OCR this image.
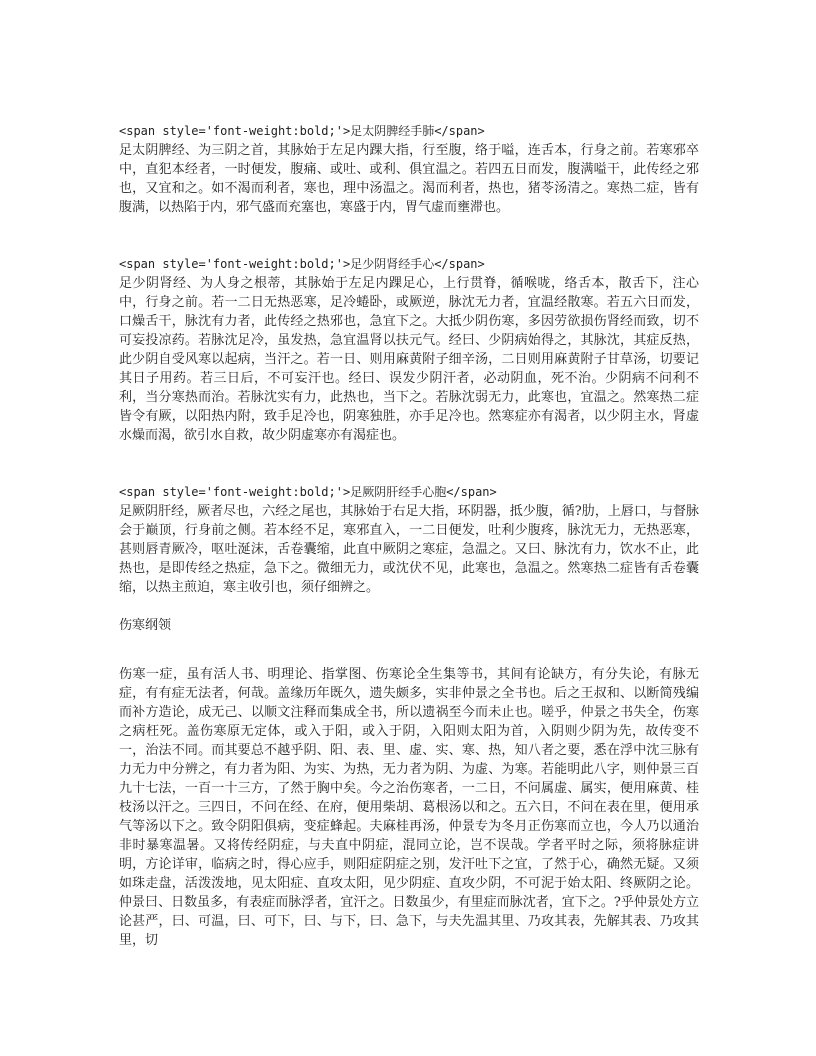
<span style='font-weight:bold;'>足太阴脾经手肺</span>

足太阴脾经、为三阴之首，其脉始于左足内踝大指，行至腹，络于嗌，连舌本，行身之前。若寒邪卒中，直犯本经者，一时便发，腹痛、或吐、或利、俱宜温之。若四五日而发，腹满嗌干，此传经之邪也，又宜和之。如不渴而利者，寒也，理中汤温之。渴而利者，热也，猪苓汤清之。寒热二症，皆有腹满，以热陷于内，邪气盛而充塞也，寒盛于内，胃气虚而壅滞也。

<span style='font-weight:bold;'>足少阴肾经手心</span>

足少阴肾经、为人身之根蒂，其脉始于左足内踝足心，上行贯脊，循喉咙，络舌本，散舌下，注心中，行身之前。若一二日无热恶寒，足冷蜷卧，或厥逆，脉沈无力者，宜温经散寒。若五六日而发，口燥舌干，脉沈有力者，此传经之热邪也，急宜下之。大抵少阴伤寒，多因劳欲损伤肾经而致，切不可妄投凉药。若脉沈足冷，虽发热，急宜温肾以扶元气。经曰、少阴病始得之，其脉沈，其症反热，此少阴自受风寒以起病，当汗之。若一日、则用麻黄附子细辛汤，二日则用麻黄附子甘草汤，切要记其日子用药。若三日后，不可妄汗也。经曰、误发少阴汗者，必动阴血，死不治。少阴病不问利不利，当分寒热而治。若脉沈实有力，此热也，当下之。若脉沈弱无力，此寒也，宜温之。然寒热二症皆令有厥，以阳热内附，致手足冷也，阴寒独胜，亦手足冷也。然寒症亦有渴者，以少阴主水，肾虚水燥而渴，欲引水自救，故少阴虚寒亦有渴症也。

<span style='font-weight:bold;'>足厥阴肝经手心胞</span>

足厥阴肝经，厥者尽也，六经之尾也，其脉始于右足大指，环阴器，抵少腹，循?肋，上唇口，与督脉会于巅顶，行身前之侧。若本经不足，寒邪直入，一二日便发，吐利少腹疼，脉沈无力，无热恶寒，甚则唇青厥冷，呕吐涎沫，舌卷囊缩，此直中厥阴之寒症，急温之。又曰、脉沈有力，饮水不止，此热也，是即传经之热症，急下之。微细无力，或沈伏不见，此寒也，急温之。然寒热二症皆有舌卷囊缩，以热主煎迫，寒主收引也，须仔细辨之。

伤寒纲领

伤寒一症，虽有活人书、明理论、指掌图、伤寒论全生集等书，其间有论缺方，有分失论，有脉无症，有有症无法者，何哉。盖缘历年既久，遗失颇多，实非仲景之全书也。后之王叔和、以断简残编而补方造论，成无己、以顺文注释而集成全书，所以遗祸至今而未止也。嗟乎，仲景之书失全，伤寒之病枉死。盖伤寒原无定体，或入于阳，或入于阴，入阳则太阳为首，入阴则少阴为先，故传变不一，治法不同。而其要总不越乎阴、阳、表、里、虚、实、寒、热，知八者之要，悉在浮中沈三脉有力无力中分辨之，有力者为阳、为实、为热，无力者为阴、为虚、为寒。若能明此八字，则仲景三百九十七法，一百一十三方，了然于胸中矣。今之治伤寒者，一二日，不问属虚、属实，便用麻黄、桂枝汤以汗之。三四日，不问在经、在府，便用柴胡、葛根汤以和之。五六日，不问在表在里，便用承气等汤以下之。致令阴阳俱病，变症蜂起。夫麻桂再汤，仲景专为冬月正伤寒而立也，今人乃以通治非时暴寒温暑。又将传经阴症，与夫直中阴症，混同立论，岂不误哉。学者平时之际，须将脉症讲明，方论详审，临病之时，得心应手，则阳症阴症之别，发汗吐下之宜，了然于心，确然无疑。又须如珠走盘，活泼泼地，见太阳症、直攻太阳，见少阴症、直攻少阴，不可泥于始太阳、终厥阴之论。仲景曰、日数虽多，有表症而脉浮者，宜汗之。日数虽少，有里症而脉沈者，宜下之。?乎仲景处方立论甚严，曰、可温，曰、可下，曰、与下，曰、急下，与夫先温其里、乃攻其表，先解其表、乃攻其里，切
